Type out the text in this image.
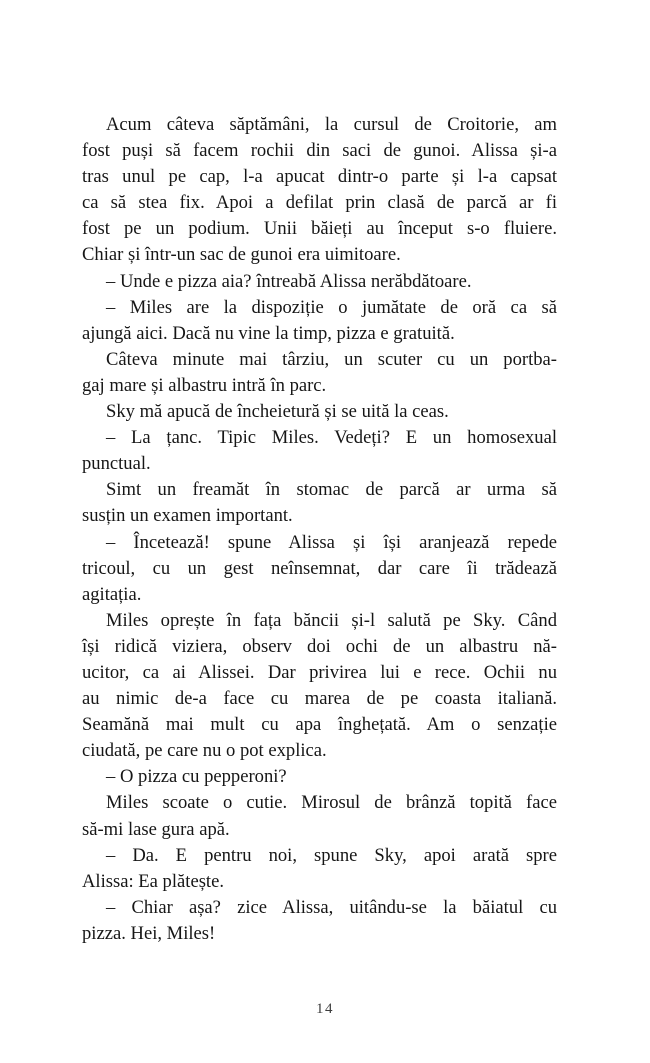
Acum câteva săptămâni, la cursul de Croitorie, am
fost puși să facem rochii din saci de gunoi. Alissa și-a
tras unul pe cap, l-a apucat dintr-o parte și l-a capsat
ca să stea fix. Apoi a defilat prin clasă de parcă ar fi
fost pe un podium. Unii băieți au început s-o fluiere.
Chiar și într-un sac de gunoi era uimitoare.
– Unde e pizza aia? întreabă Alissa nerăbdătoare.
– Miles are la dispoziție o jumătate de oră ca să
ajungă aici. Dacă nu vine la timp, pizza e gratuită.
Câteva minute mai târziu, un scuter cu un portba-
gaj mare și albastru intră în parc.
Sky mă apucă de încheietură și se uită la ceas.
– La țanc. Tipic Miles. Vedeți? E un homosexual
punctual.
Simt un freamăt în stomac de parcă ar urma să
susțin un examen important.
– Încetează! spune Alissa și își aranjează repede
tricoul, cu un gest neînsemnat, dar care îi trădează
agitația.
Miles oprește în fața băncii și-l salută pe Sky. Când
își ridică viziera, observ doi ochi de un albastru nă-
ucitor, ca ai Alissei. Dar privirea lui e rece. Ochii nu
au nimic de-a face cu marea de pe coasta italiană.
Seamănă mai mult cu apa înghețată. Am o senzație
ciudată, pe care nu o pot explica.
– O pizza cu pepperoni?
Miles scoate o cutie. Mirosul de brânză topită face
să-mi lase gura apă.
– Da. E pentru noi, spune Sky, apoi arată spre
Alissa: Ea plătește.
– Chiar așa? zice Alissa, uitându-se la băiatul cu
pizza. Hei, Miles!
14
